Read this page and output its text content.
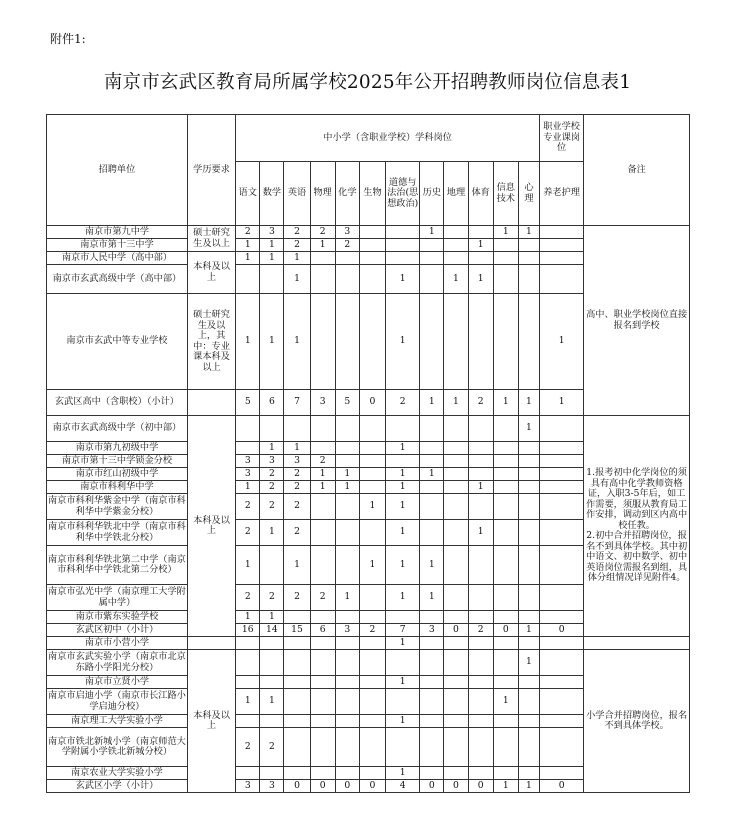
附件1:
南京市玄武区教育局所属学校2025年公开招聘教师岗位信息表1
招聘单位	学历要求	中小学（含职业学校）学科岗位												职业学校专业课岗位	备注
		语文	数学	英语	物理	化学	生物	道德与法治(思想政治)	历史	地理	体育	信息技术	心理	养老护理	
南京市第九中学	硕士研究生及以上	2	3	2	2	3			1			1	1		高中、职业学校岗位直接报名到学校
南京市第十三中学		1	1	2	1	2					1				
南京市人民中学（高中部）	本科及以上	1	1	1											
南京市玄武高级中学（高中部）				1				1		1	1				
南京市玄武中等专业学校	硕士研究生及以上，其中：专业课本科及以上	1	1	1				1						1	
玄武区高中（含职校）（小计）		5	6	7	3	5	0	2	1	1	2	1	1	1	
南京市玄武高级中学（初中部）	本科及以上												1		1.报考初中化学岗位的须具有高中化学教师资格证，入职3-5年后，如工作需要，须服从教育局工作安排，调动到区内高中校任教。
2.初中合并招聘岗位，报名不到具体学校。其中初中语文、初中数学、初中英语岗位需报名到组，具体分组情况详见附件4。
南京市第九初级中学			1	1				1							
南京市第十三中学锁金分校		3	3	3	2										
南京市红山初级中学		3	2	2	1	1		1	1						
南京市科利华中学		1	2	2	1	1		1			1				
南京市科利华紫金中学（南京市科利华中学紫金分校）		2	2	2			1	1							
南京市科利华铁北中学（南京市科利华中学铁北分校）		2	1	2				1			1				
南京市科利华铁北第二中学（南京市科利华中学铁北第二分校）		1		1			1	1	1						
南京市弘光中学（南京理工大学附属中学）		2	2	2	2	1		1	1						
南京市紫东实验学校		1	1												
玄武区初中（小计）		16	14	15	6	3	2	7	3	0	2	0	1	0	
南京市小营小学								1							
南京市玄武实验小学（南京市北京东路小学阳光分校）	本科及以上												1		小学合并招聘岗位，报名不到具体学校。
南京市立贤小学								1							
南京市启迪小学（南京市长江路小学启迪分校）		1	1									1			
南京理工大学实验小学								1							
南京市铁北新城小学（南京师范大学附属小学铁北新城分校）		2	2												
南京农业大学实验小学								1							
玄武区小学（小计）		3	3	0	0	0	0	4	0	0	0	1	1	0	
